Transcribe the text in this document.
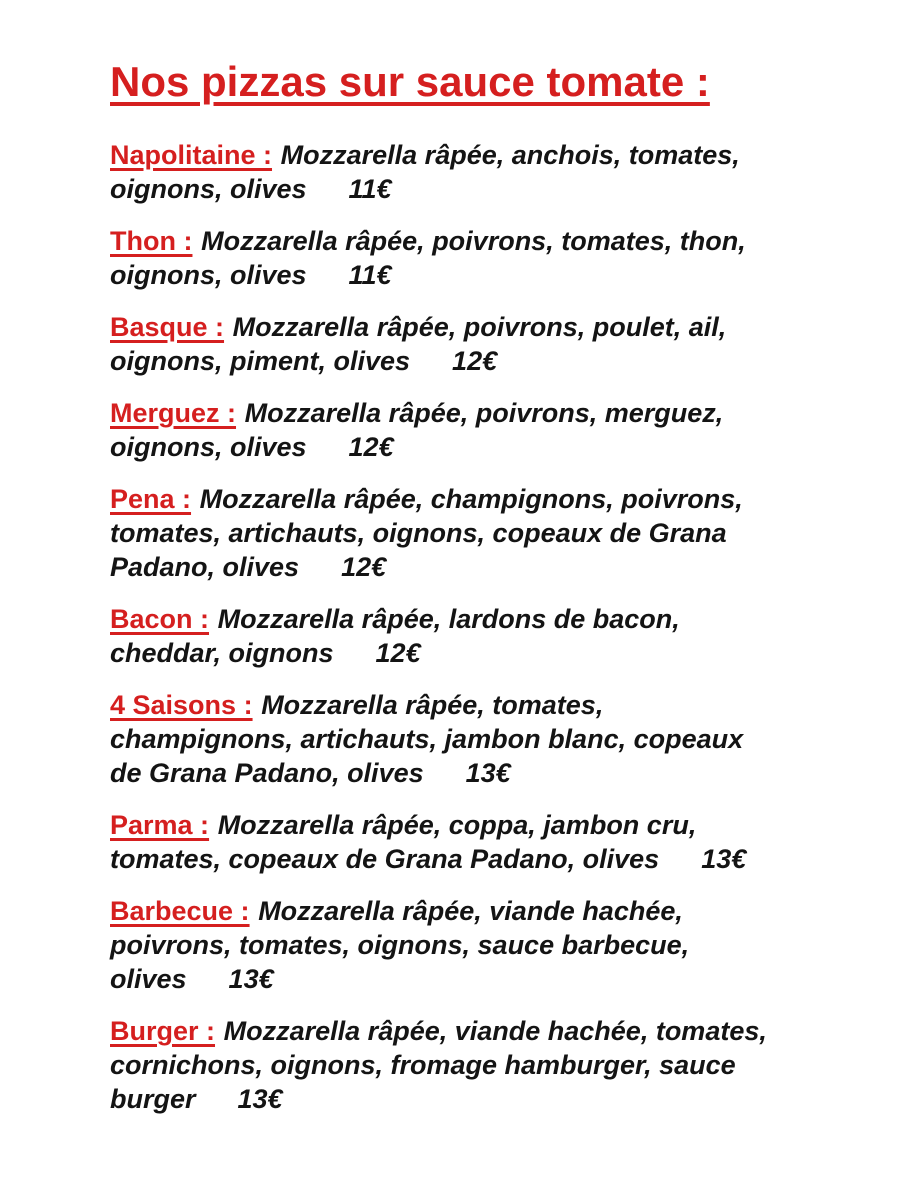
Nos pizzas sur sauce tomate :

Napolitaine : Mozzarella râpée, anchois, tomates, oignons, olives 11€

Thon : Mozzarella râpée, poivrons, tomates, thon, oignons, olives 11€

Basque : Mozzarella râpée, poivrons, poulet, ail, oignons, piment, olives 12€

Merguez : Mozzarella râpée, poivrons, merguez, oignons, olives 12€

Pena : Mozzarella râpée, champignons, poivrons, tomates, artichauts, oignons, copeaux de Grana Padano, olives 12€

Bacon : Mozzarella râpée, lardons de bacon, cheddar, oignons 12€

4 Saisons : Mozzarella râpée, tomates, champignons, artichauts, jambon blanc, copeaux de Grana Padano, olives 13€

Parma : Mozzarella râpée, coppa, jambon cru, tomates, copeaux de Grana Padano, olives 13€

Barbecue : Mozzarella râpée, viande hachée, poivrons, tomates, oignons, sauce barbecue, olives 13€

Burger : Mozzarella râpée, viande hachée, tomates, cornichons, oignons, fromage hamburger, sauce burger 13€
